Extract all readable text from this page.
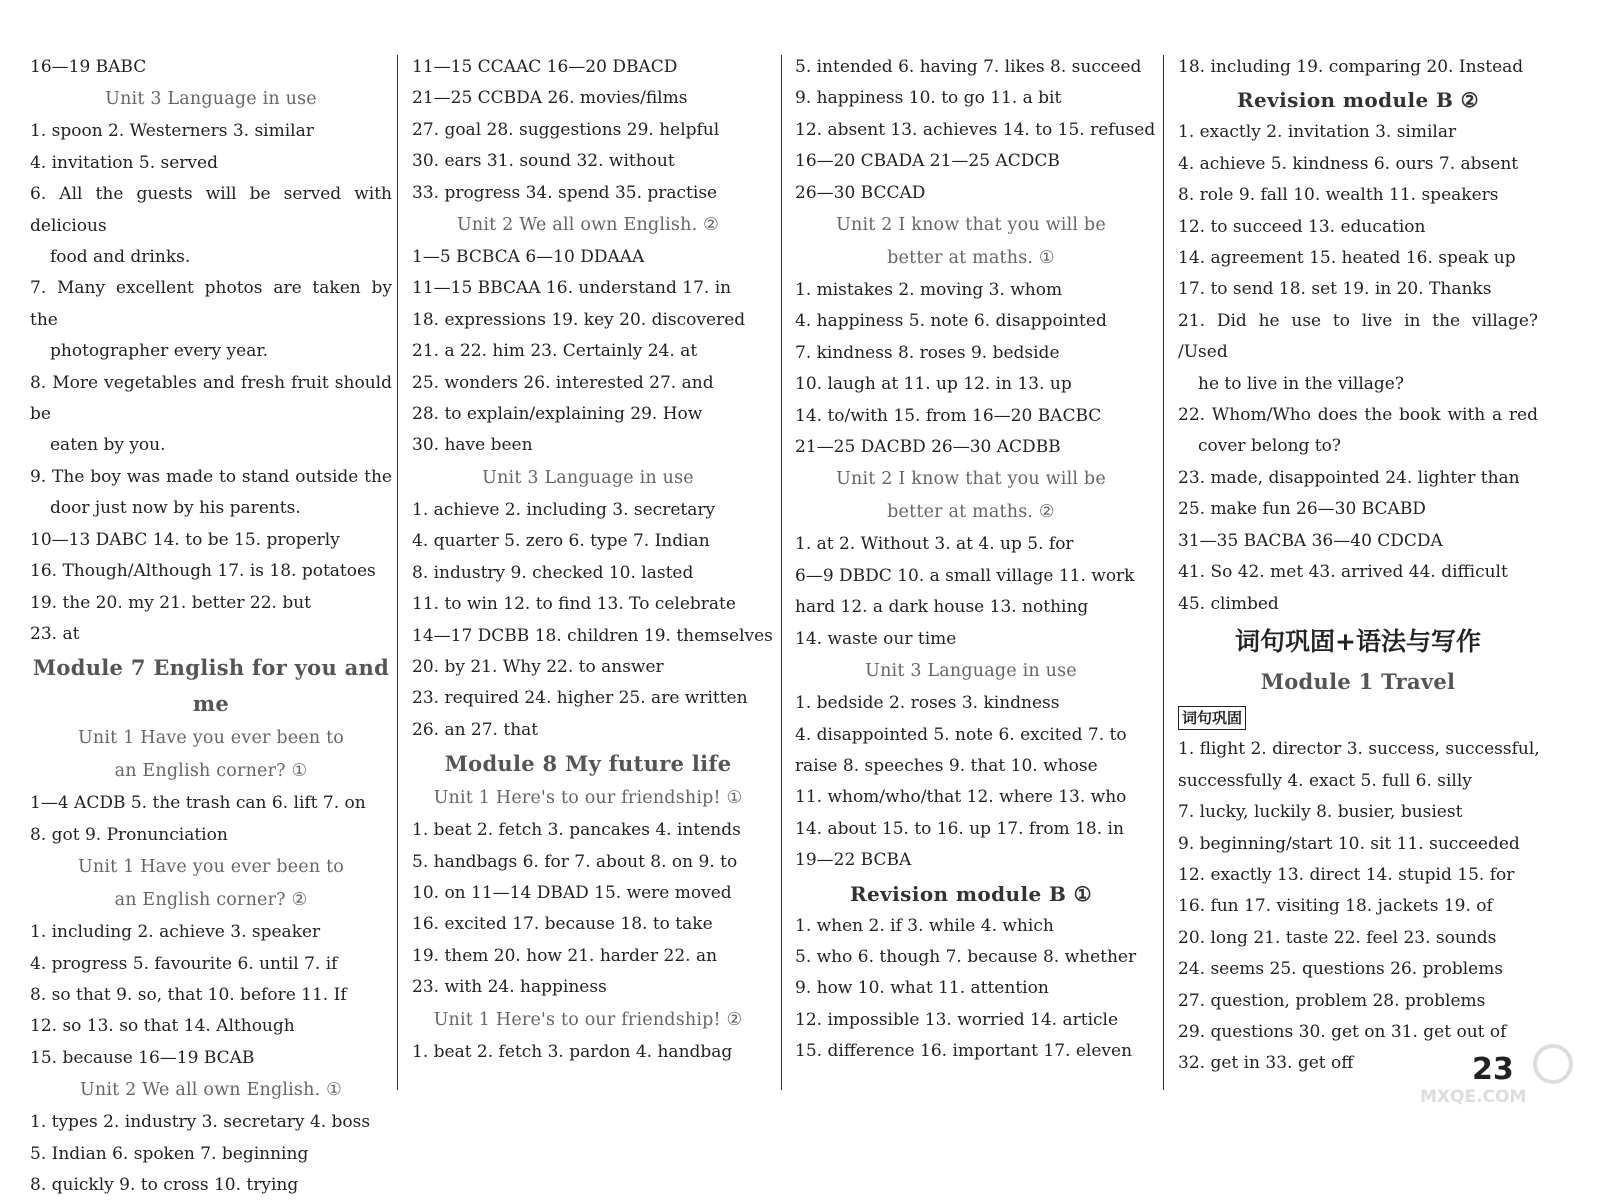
16—19 BABC
Unit 3 Language in use
1. spoon 2. Westerners 3. similar
4. invitation 5. served
6. All the guests will be served with delicious
food and drinks.
7. Many excellent photos are taken by the
photographer every year.
8. More vegetables and fresh fruit should be
eaten by you.
9. The boy was made to stand outside the
door just now by his parents.
10—13 DABC 14. to be 15. properly
16. Though/Although 17. is 18. potatoes
19. the 20. my 21. better 22. but
23. at
Module 7 English for you and me
Unit 1 Have you ever been to
an English corner? ①
1—4 ACDB 5. the trash can 6. lift 7. on
8. got 9. Pronunciation
Unit 1 Have you ever been to
an English corner? ②
1. including 2. achieve 3. speaker
4. progress 5. favourite 6. until 7. if
8. so that 9. so, that 10. before 11. If
12. so 13. so that 14. Although
15. because 16—19 BCAB
Unit 2 We all own English. ①
1. types 2. industry 3. secretary 4. boss
5. Indian 6. spoken 7. beginning
8. quickly 9. to cross 10. trying
11—15 CCAAC 16—20 DBACD
21—25 CCBDA 26. movies/films
27. goal 28. suggestions 29. helpful
30. ears 31. sound 32. without
33. progress 34. spend 35. practise
Unit 2 We all own English. ②
1—5 BCBCA 6—10 DDAAA
11—15 BBCAA 16. understand 17. in
18. expressions 19. key 20. discovered
21. a 22. him 23. Certainly 24. at
25. wonders 26. interested 27. and
28. to explain/explaining 29. How
30. have been
Unit 3 Language in use
1. achieve 2. including 3. secretary
4. quarter 5. zero 6. type 7. Indian
8. industry 9. checked 10. lasted
11. to win 12. to find 13. To celebrate
14—17 DCBB 18. children 19. themselves
20. by 21. Why 22. to answer
23. required 24. higher 25. are written
26. an 27. that
Module 8 My future life
Unit 1 Here's to our friendship! ①
1. beat 2. fetch 3. pancakes 4. intends
5. handbags 6. for 7. about 8. on 9. to
10. on 11—14 DBAD 15. were moved
16. excited 17. because 18. to take
19. them 20. how 21. harder 22. an
23. with 24. happiness
Unit 1 Here's to our friendship! ②
1. beat 2. fetch 3. pardon 4. handbag
5. intended 6. having 7. likes 8. succeed
9. happiness 10. to go 11. a bit
12. absent 13. achieves 14. to 15. refused
16—20 CBADA 21—25 ACDCB
26—30 BCCAD
Unit 2 I know that you will be
better at maths. ①
1. mistakes 2. moving 3. whom
4. happiness 5. note 6. disappointed
7. kindness 8. roses 9. bedside
10. laugh at 11. up 12. in 13. up
14. to/with 15. from 16—20 BACBC
21—25 DACBD 26—30 ACDBB
Unit 2 I know that you will be
better at maths. ②
1. at 2. Without 3. at 4. up 5. for
6—9 DBDC 10. a small village 11. work
hard 12. a dark house 13. nothing
14. waste our time
Unit 3 Language in use
1. bedside 2. roses 3. kindness
4. disappointed 5. note 6. excited 7. to
raise 8. speeches 9. that 10. whose
11. whom/who/that 12. where 13. who
14. about 15. to 16. up 17. from 18. in
19—22 BCBA
Revision module B ①
1. when 2. if 3. while 4. which
5. who 6. though 7. because 8. whether
9. how 10. what 11. attention
12. impossible 13. worried 14. article
15. difference 16. important 17. eleven
18. including 19. comparing 20. Instead
Revision module B ②
1. exactly 2. invitation 3. similar
4. achieve 5. kindness 6. ours 7. absent
8. role 9. fall 10. wealth 11. speakers
12. to succeed 13. education
14. agreement 15. heated 16. speak up
17. to send 18. set 19. in 20. Thanks
21. Did he use to live in the village? /Used
he to live in the village?
22. Whom/Who does the book with a red
cover belong to?
23. made, disappointed 24. lighter than
25. make fun 26—30 BCABD
31—35 BACBA 36—40 CDCDA
41. So 42. met 43. arrived 44. difficult
45. climbed
词句巩固+语法与写作
Module 1 Travel
词句巩固
1. flight 2. director 3. success, successful,
successfully 4. exact 5. full 6. silly
7. lucky, luckily 8. busier, busiest
9. beginning/start 10. sit 11. succeeded
12. exactly 13. direct 14. stupid 15. for
16. fun 17. visiting 18. jackets 19. of
20. long 21. taste 22. feel 23. sounds
24. seems 25. questions 26. problems
27. question, problem 28. problems
29. questions 30. get on 31. get out of
32. get in 33. get off	23
MXQE.COM
